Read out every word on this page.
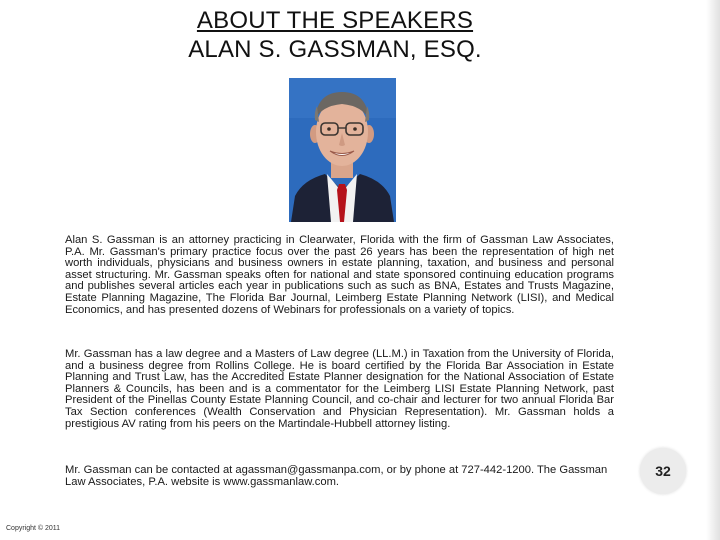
ABOUT THE SPEAKERS
ALAN S. GASSMAN, ESQ.
Alan S. Gassman is an attorney practicing in Clearwater, Florida with the firm of Gassman Law Associates, P.A. Mr. Gassman's primary practice focus over the past 26 years has been the representation of high net worth individuals, physicians and business owners in estate planning, taxation, and business and personal asset structuring. Mr. Gassman speaks often for national and state sponsored continuing education programs and publishes several articles each year in publications such as such as BNA, Estates and Trusts Magazine, Estate Planning Magazine, The Florida Bar Journal, Leimberg Estate Planning Network (LISI), and Medical Economics, and has presented dozens of Webinars for professionals on a variety of topics.
Mr. Gassman has a law degree and a Masters of Law degree (LL.M.) in Taxation from the University of Florida, and a business degree from Rollins College. He is board certified by the Florida Bar Association in Estate Planning and Trust Law, has the Accredited Estate Planner designation for the National Association of Estate Planners & Councils, has been and is a commentator for the Leimberg LISI Estate Planning Network, past President of the Pinellas County Estate Planning Council, and co-chair and lecturer for two annual Florida Bar Tax Section conferences (Wealth Conservation and Physician Representation). Mr. Gassman holds a prestigious AV rating from his peers on the Martindale-Hubbell attorney listing.
Mr. Gassman can be contacted at agassman@gassmanpa.com, or by phone at 727-442-1200. The Gassman Law Associates, P.A. website is www.gassmanlaw.com.
32
Copyright © 2011
